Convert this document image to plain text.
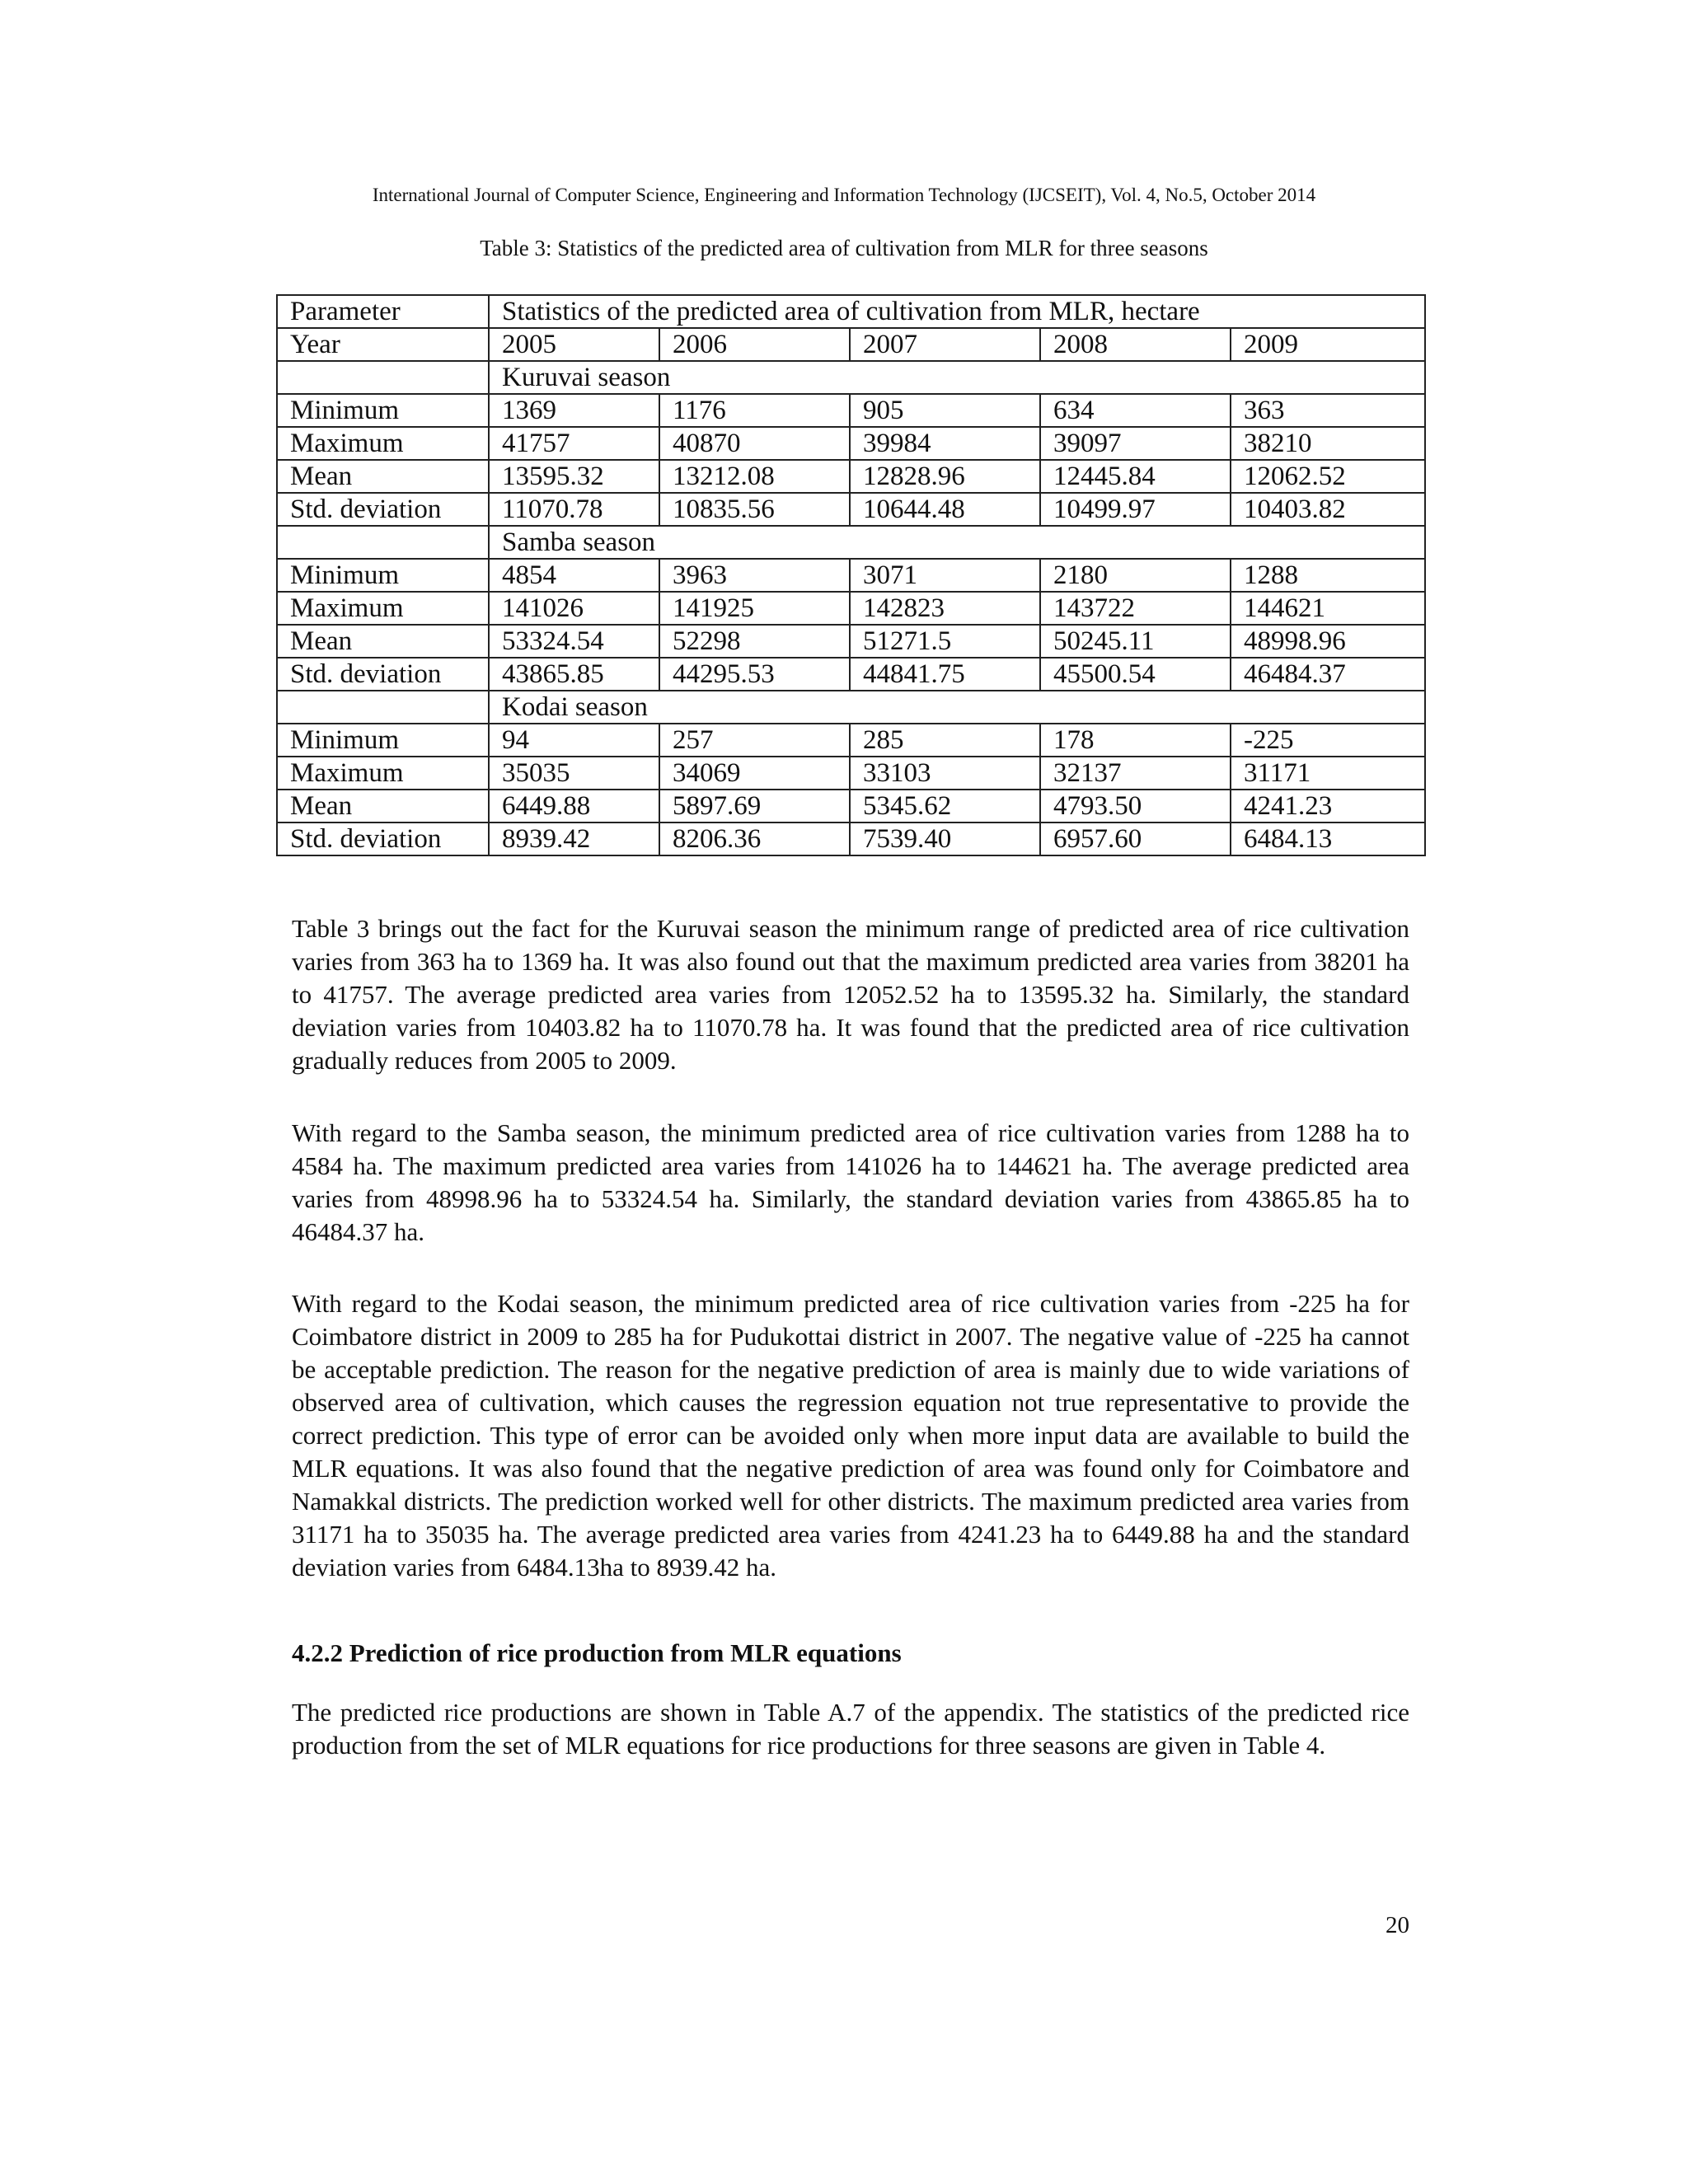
International Journal of Computer Science, Engineering and Information Technology (IJCSEIT), Vol. 4, No.5, October 2014
Table 3: Statistics of the predicted area of cultivation from MLR for three seasons
Parameter	Statistics of the predicted area of cultivation from MLR, hectare				
Year	2005	2006	2007	2008	2009
	Kuruvai season				
Minimum	1369	1176	905	634	363
Maximum	41757	40870	39984	39097	38210
Mean	13595.32	13212.08	12828.96	12445.84	12062.52
Std. deviation	11070.78	10835.56	10644.48	10499.97	10403.82
	Samba season				
Minimum	4854	3963	3071	2180	1288
Maximum	141026	141925	142823	143722	144621
Mean	53324.54	52298	51271.5	50245.11	48998.96
Std. deviation	43865.85	44295.53	44841.75	45500.54	46484.37
	Kodai season				
Minimum	94	257	285	178	-225
Maximum	35035	34069	33103	32137	31171
Mean	6449.88	5897.69	5345.62	4793.50	4241.23
Std. deviation	8939.42	8206.36	7539.40	6957.60	6484.13

Table 3 brings out the fact for the Kuruvai season the minimum range of predicted area of rice cultivation varies from 363 ha to 1369 ha. It was also found out that the maximum predicted area varies from 38201 ha to 41757. The average predicted area varies from 12052.52 ha to 13595.32 ha. Similarly, the standard deviation varies from 10403.82 ha to 11070.78 ha. It was found that the predicted area of rice cultivation gradually reduces from 2005 to 2009.

With regard to the Samba season, the minimum predicted area of rice cultivation varies from 1288 ha to 4584 ha. The maximum predicted area varies from 141026 ha to 144621 ha. The average predicted area varies from 48998.96 ha to 53324.54 ha. Similarly, the standard deviation varies from 43865.85 ha to 46484.37 ha.

With regard to the Kodai season, the minimum predicted area of rice cultivation varies from -225 ha for Coimbatore district in 2009 to 285 ha for Pudukottai district in 2007. The negative value of -225 ha cannot be acceptable prediction. The reason for the negative prediction of area is mainly due to wide variations of observed area of cultivation, which causes the regression equation not true representative to provide the correct prediction. This type of error can be avoided only when more input data are available to build the MLR equations. It was also found that the negative prediction of area was found only for Coimbatore and Namakkal districts. The prediction worked well for other districts. The maximum predicted area varies from 31171 ha to 35035 ha. The average predicted area varies from 4241.23 ha to 6449.88 ha and the standard deviation varies from 6484.13ha to 8939.42 ha.

4.2.2 Prediction of rice production from MLR equations

The predicted rice productions are shown in Table A.7 of the appendix. The statistics of the predicted rice production from the set of MLR equations for rice productions for three seasons are given in Table 4.

20
